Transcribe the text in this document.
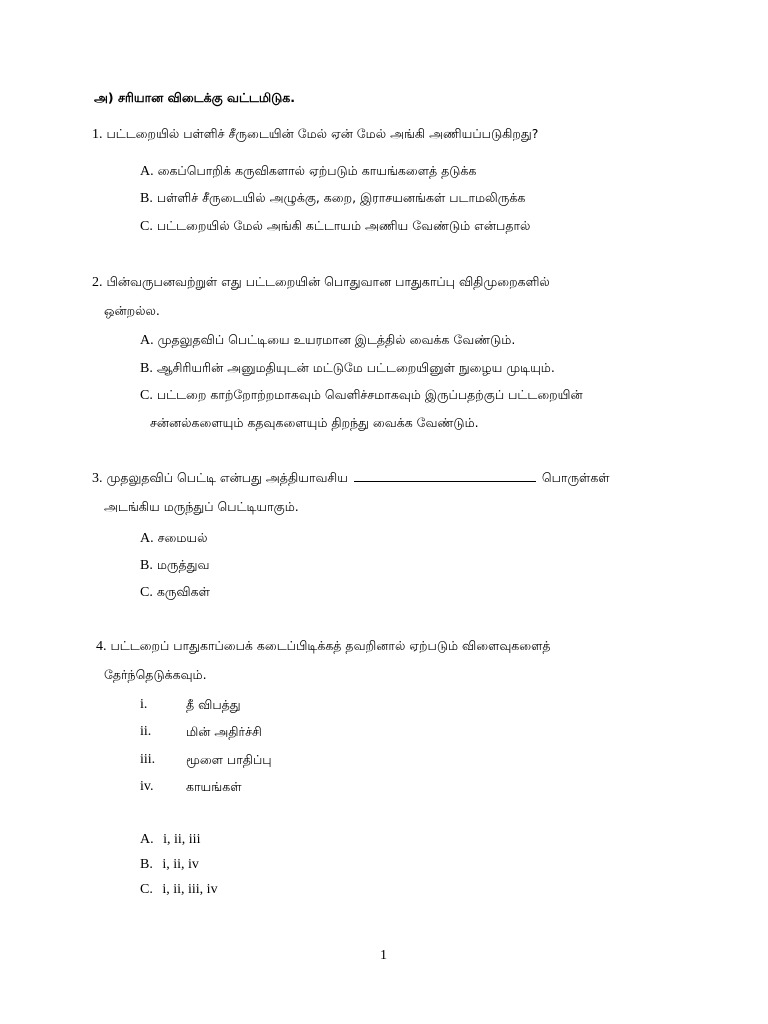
அ) சரியான விடைக்கு வட்டமிடுக.
1. பட்டறையில் பள்ளிச் சீருடையின் மேல் ஏன் மேல் அங்கி அணியப்படுகிறது?
A. கைப்பொறிக் கருவிகளால் ஏற்படும் காயங்களைத் தடுக்க
B. பள்ளிச் சீருடையில் அழுக்கு, கறை, இராசயனங்கள் படாமலிருக்க
C. பட்டறையில் மேல் அங்கி கட்டாயம் அணிய வேண்டும் என்பதால்
2. பின்வருபனவற்றுள் எது பட்டறையின் பொதுவான பாதுகாப்பு விதிமுறைகளில்
ஒன்றல்ல.
A. முதலுதவிப் பெட்டியை உயரமான இடத்தில் வைக்க வேண்டும்.
B. ஆசிரியரின் அனுமதியுடன் மட்டுமே பட்டறையினுள் நுழைய முடியும்.
C. பட்டறை காற்றோற்றமாகவும் வெளிச்சமாகவும் இருப்பதற்குப் பட்டறையின்
சன்னல்களையும் கதவுகளையும் திறந்து வைக்க வேண்டும்.
3. முதலுதவிப் பெட்டி என்பது அத்தியாவசிய	பொருள்கள்
அடங்கிய மருந்துப் பெட்டியாகும்.
A. சமையல்
B. மருத்துவ
C. கருவிகள்
4. பட்டறைப் பாதுகாப்பைக் கடைப்பிடிக்கத் தவறினால் ஏற்படும் விளைவுகளைத்
தேர்ந்தெடுக்கவும்.
i.	தீ விபத்து
ii.	மின் அதிர்ச்சி
iii. மூளை பாதிப்பு
iv.	காயங்கள்
A. i, ii, iii
B. i, ii, iv
C. i, ii, iii, iv
1
